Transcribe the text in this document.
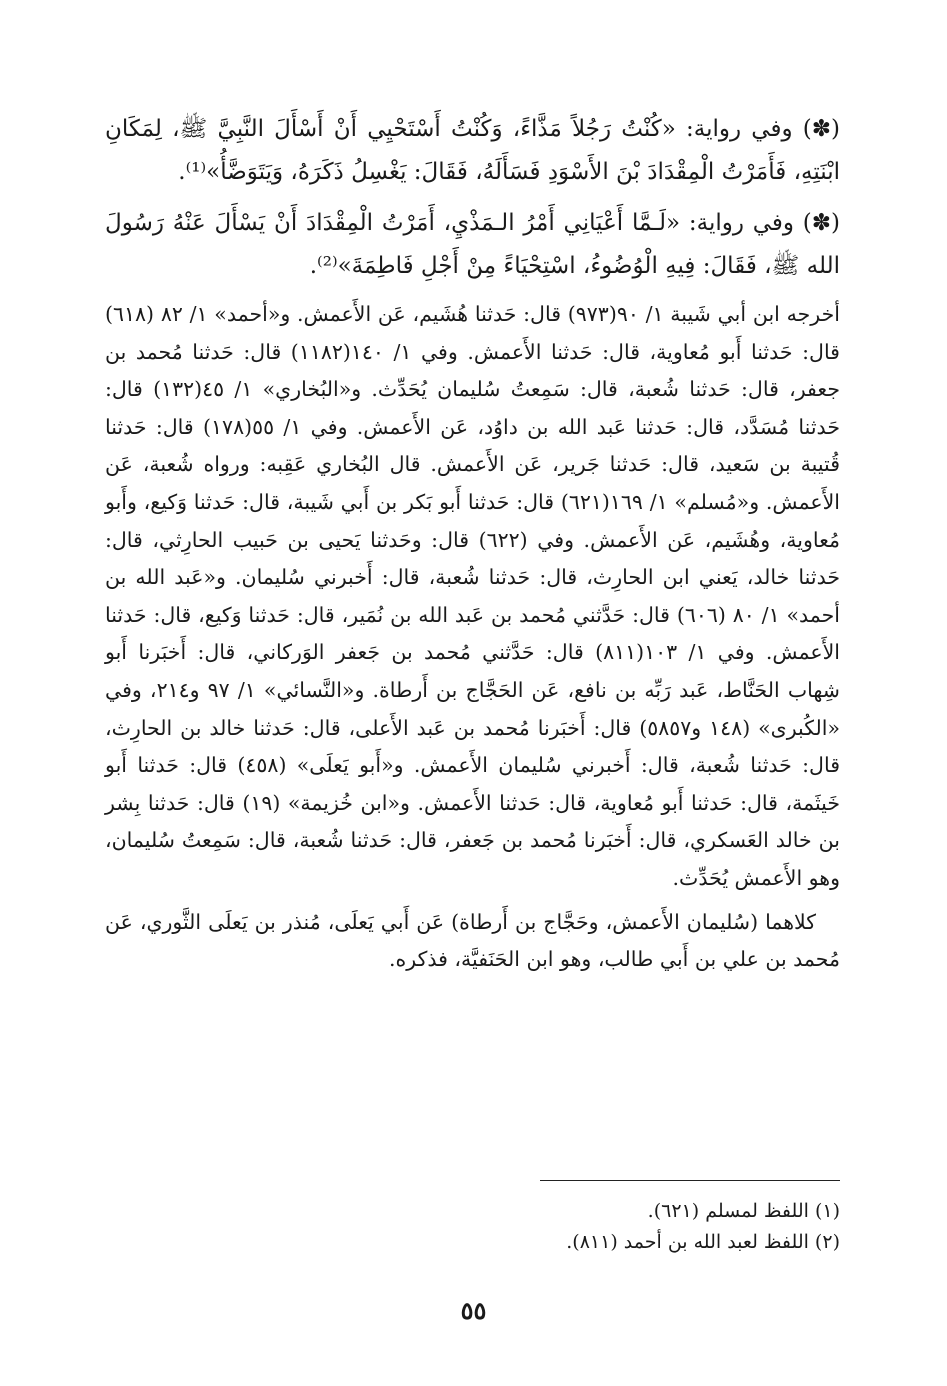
(✽) وفي رواية: «كُنْتُ رَجُلاً مَذَّاءً، وَكُنْتُ أَسْتَحْيِي أَنْ أَسْأَلَ النَّبِيَّ ﷺ، لِمَكَانِ ابْنَتِهِ، فَأَمَرْتُ الْمِقْدَادَ بْنَ الأَسْوَدِ فَسَأَلَهُ، فَقَالَ: يَغْسِلُ ذَكَرَهُ، وَيَتَوَضَّأُ»⁽¹⁾.

(✽) وفي رواية: «لَـمَّا أَعْيَانِي أَمْرُ الـمَذْيِ، أَمَرْتُ الْمِقْدَادَ أَنْ يَسْأَلَ عَنْهُ رَسُولَ الله ﷺ، فَقَالَ: فِيهِ الْوُضُوءُ، اسْتِحْيَاءً مِنْ أَجْلِ فَاطِمَةَ»⁽²⁾.

أخرجه ابن أبي شَيبة ١/ ٩٠(٩٧٣) قال: حَدثنا هُشَيم، عَن الأَعمش. و«أحمد» ١/ ٨٢ (٦١٨) قال: حَدثنا أَبو مُعاوية، قال: حَدثنا الأَعمش. وفي ١/ ١٤٠(١١٨٢) قال: حَدثنا مُحمد بن جعفر، قال: حَدثنا شُعبة، قال: سَمِعتُ سُليمان يُحَدِّث. و«البُخاري» ١/ ٤٥(١٣٢) قال: حَدثنا مُسَدَّد، قال: حَدثنا عَبد الله بن داوُد، عَن الأَعمش. وفي ١/ ٥٥(١٧٨) قال: حَدثنا قُتيبة بن سَعيد، قال: حَدثنا جَرير، عَن الأَعمش. قال البُخاري عَقِبه: ورواه شُعبة، عَن الأَعمش. و«مُسلم» ١/ ١٦٩(٦٢١) قال: حَدثنا أَبو بَكر بن أَبي شَيبة، قال: حَدثنا وَكيع، وأَبو مُعاوية، وهُشَيم، عَن الأَعمش. وفي (٦٢٢) قال: وحَدثنا يَحيى بن حَبيب الحارِثي، قال: حَدثنا خالد، يَعني ابن الحارِث، قال: حَدثنا شُعبة، قال: أَخبرني سُليمان. و«عَبد الله بن أحمد» ١/ ٨٠ (٦٠٦) قال: حَدَّثني مُحمد بن عَبد الله بن نُمَير، قال: حَدثنا وَكيع، قال: حَدثنا الأَعمش. وفي ١/ ١٠٣(٨١١) قال: حَدَّثني مُحمد بن جَعفر الوَركاني، قال: أَخبَرنا أَبو شِهاب الحَنَّاط، عَبد رَبِّه بن نافع، عَن الحَجَّاج بن أَرطاة. و«النَّسائي» ١/ ٩٧ و٢١٤، وفي «الكُبرى» (١٤٨ و٥٨٥٧) قال: أَخبَرنا مُحمد بن عَبد الأَعلى، قال: حَدثنا خالد بن الحارِث، قال: حَدثنا شُعبة، قال: أَخبرني سُليمان الأَعمش. و«أَبو يَعلَى» (٤٥٨) قال: حَدثنا أَبو خَيثَمة، قال: حَدثنا أَبو مُعاوية، قال: حَدثنا الأَعمش. و«ابن خُزيمة» (١٩) قال: حَدثنا بِشر بن خالد العَسكري، قال: أَخبَرنا مُحمد بن جَعفر، قال: حَدثنا شُعبة، قال: سَمِعتُ سُليمان، وهو الأَعمش يُحَدِّث.

كلاهما (سُليمان الأَعمش، وحَجَّاج بن أَرطاة) عَن أَبي يَعلَى، مُنذر بن يَعلَى الثَّوري، عَن مُحمد بن علي بن أَبي طالب، وهو ابن الحَنَفيَّة، فذكره.

(١) اللفظ لمسلم (٦٢١).

(٢) اللفظ لعبد الله بن أحمد (٨١١).

٥٥
